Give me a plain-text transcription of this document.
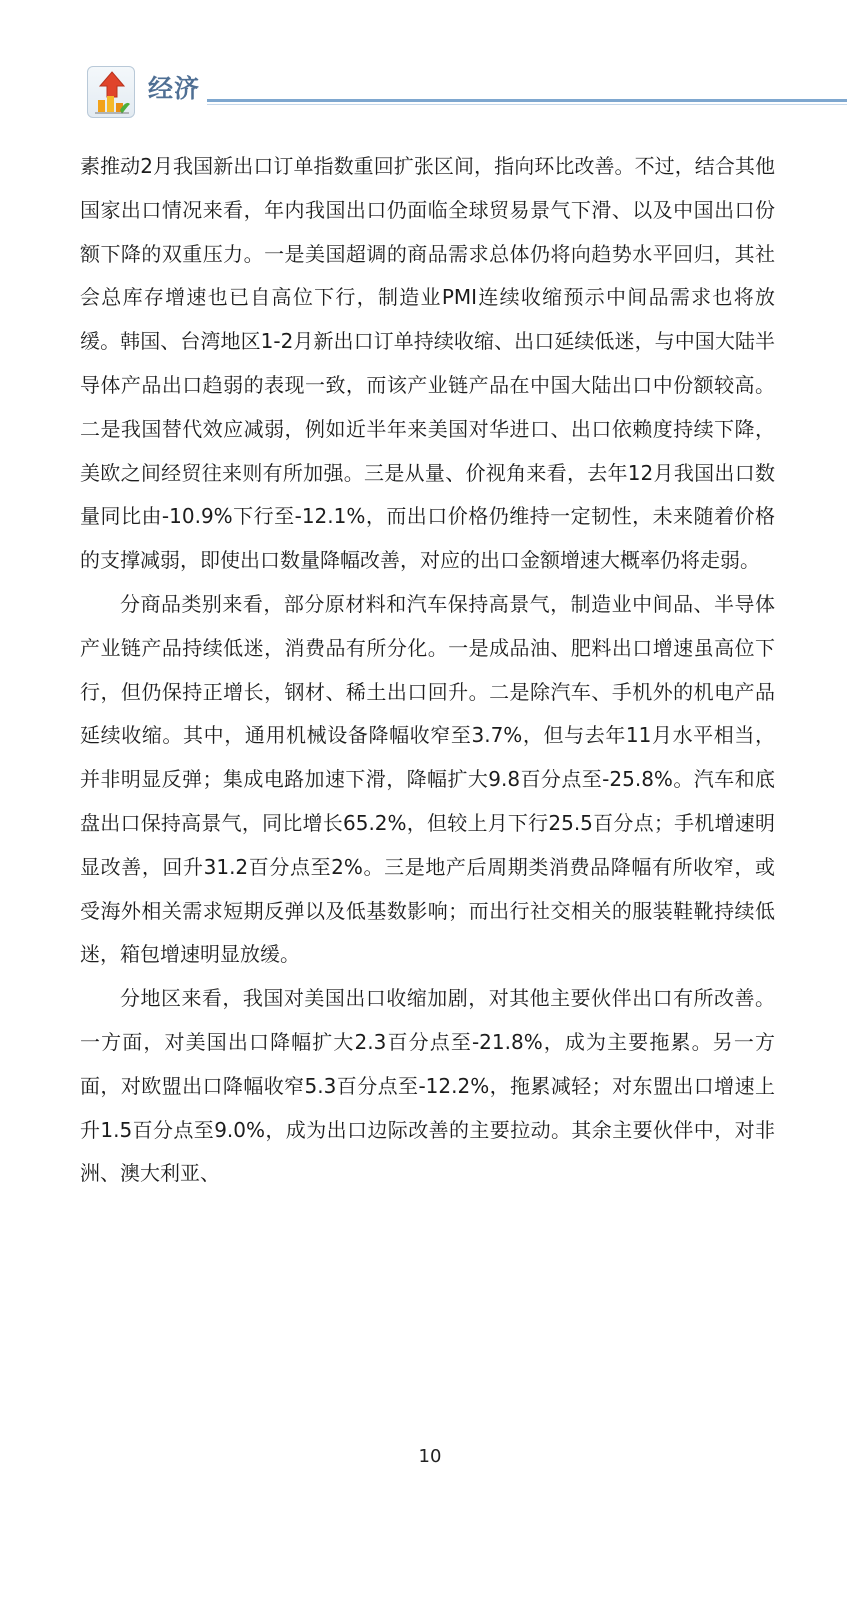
经济

素推动2月我国新出口订单指数重回扩张区间，指向环比改善。不过，结合其他国家出口情况来看，年内我国出口仍面临全球贸易景气下滑、以及中国出口份额下降的双重压力。一是美国超调的商品需求总体仍将向趋势水平回归，其社会总库存增速也已自高位下行，制造业PMI连续收缩预示中间品需求也将放缓。韩国、台湾地区1-2月新出口订单持续收缩、出口延续低迷，与中国大陆半导体产品出口趋弱的表现一致，而该产业链产品在中国大陆出口中份额较高。二是我国替代效应减弱，例如近半年来美国对华进口、出口依赖度持续下降，美欧之间经贸往来则有所加强。三是从量、价视角来看，去年12月我国出口数量同比由-10.9%下行至-12.1%，而出口价格仍维持一定韧性，未来随着价格的支撑减弱，即使出口数量降幅改善，对应的出口金额增速大概率仍将走弱。

分商品类别来看，部分原材料和汽车保持高景气，制造业中间品、半导体产业链产品持续低迷，消费品有所分化。一是成品油、肥料出口增速虽高位下行，但仍保持正增长，钢材、稀土出口回升。二是除汽车、手机外的机电产品延续收缩。其中，通用机械设备降幅收窄至3.7%，但与去年11月水平相当，并非明显反弹；集成电路加速下滑，降幅扩大9.8百分点至-25.8%。汽车和底盘出口保持高景气，同比增长65.2%，但较上月下行25.5百分点；手机增速明显改善，回升31.2百分点至2%。三是地产后周期类消费品降幅有所收窄，或受海外相关需求短期反弹以及低基数影响；而出行社交相关的服装鞋靴持续低迷，箱包增速明显放缓。

分地区来看，我国对美国出口收缩加剧，对其他主要伙伴出口有所改善。一方面，对美国出口降幅扩大2.3百分点至-21.8%，成为主要拖累。另一方面，对欧盟出口降幅收窄5.3百分点至-12.2%，拖累减轻；对东盟出口增速上升1.5百分点至9.0%，成为出口边际改善的主要拉动。其余主要伙伴中，对非洲、澳大利亚、

10
